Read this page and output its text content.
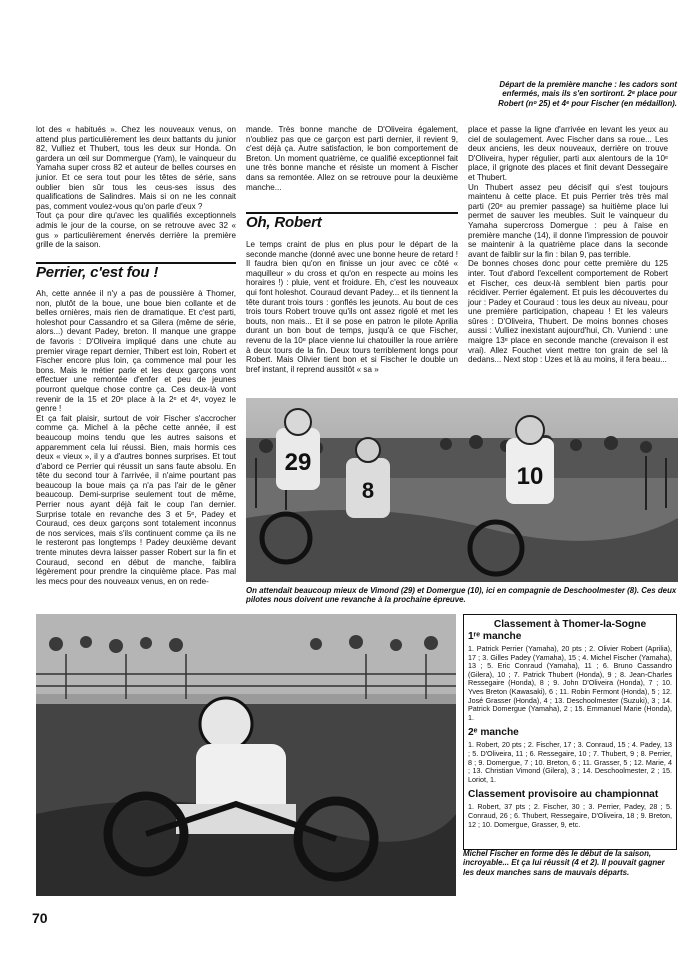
Départ de la première manche : les cadors sont enfermés, mais ils s'en sortiront. 2ᵉ place pour Robert (nᵒ 25) et 4ᵉ pour Fischer (en médaillon).

lot des « habitués ». Chez les nouveaux venus, on attend plus particulièrement les deux battants du junior 82, Vulliez et Thubert, tous les deux sur Honda. On gardera un œil sur Dommergue (Yam), le vainqueur du Yamaha super cross 82 et auteur de belles courses en junior. Et ce sera tout pour les têtes de série, sans oublier bien sûr tous les ceus-ses issus des qualifications de Salindres. Mais si on ne les connait pas, comment voulez-vous qu'on parle d'eux ?

Tout ça pour dire qu'avec les qualifiés exceptionnels admis le jour de la course, on se retrouve avec 32 « gus » particulièrement énervés derrière la première grille de la saison.

Perrier, c'est fou !

Ah, cette année il n'y a pas de poussière à Thomer, non, plutôt de la boue, une boue bien collante et de belles ornières, mais rien de dramatique. Et c'est parti, holeshot pour Cassandro et sa Gilera (même de série, alors...) devant Padey, breton. Il manque une grappe de favoris : D'Oliveira impliqué dans une chute au premier virage repart dernier, Thibert est loin, Robert et Fischer encore plus loin, ça commence mal pour les bons. Mais le métier parle et les deux garçons vont effectuer une remontée d'enfer et peu de jeunes pourront quelque chose contre ça. Ces deux-là vont revenir de la 15 et 20ᵉ place à la 2ᵉ et 4ᵉ, voyez le genre !

Et ça fait plaisir, surtout de voir Fischer s'accrocher comme ça. Michel à la pêche cette année, il est beaucoup moins tendu que les autres saisons et apparemment cela lui réussi. Bien, mais hormis ces deux « vieux », il y a d'autres bonnes surprises. Et tout d'abord ce Perrier qui réussit un sans faute absolu. En tête du second tour à l'arrivée, il n'aime pourtant pas beaucoup la boue mais ça n'a pas l'air de le gêner beaucoup. Demi-surprise seulement tout de même, Perrier nous ayant déjà fait le coup l'an dernier. Surprise totale en revanche des 3 et 5ᵉ, Padey et Couraud, ces deux garçons sont totalement inconnus de nos services, mais s'ils continuent comme ça ils ne le resteront pas longtemps ! Padey deuxième devant trente minutes devra laisser passer Robert sur la fin et Couraud, second en début de manche, faiblira légèrement pour prendre la cinquième place. Pas mal les mecs pour des nouveaux venus, en on rede-

mande. Très bonne manche de D'Oliveira également, n'oubliez pas que ce garçon est parti dernier, il revient 9, c'est déjà ça. Autre satisfaction, le bon comportement de Breton. Un moment quatrième, ce qualifié exceptionnel fait une très bonne manche et résiste un moment à Fischer dans sa remontée. Allez on se retrouve pour la deuxième manche...

Oh, Robert

Le temps craint de plus en plus pour le départ de la seconde manche (donné avec une bonne heure de retard ! Il faudra bien qu'on en finisse un jour avec ce côté « maquilleur » du cross et qu'on en respecte au moins les horaires !) : pluie, vent et froidure. Eh, c'est les nouveaux qui font holeshot. Couraud devant Padey... et ils tiennent la tête durant trois tours : gonflés les jeunots. Au bout de ces trois tours Robert trouve qu'ils ont assez rigolé et met les bouts, non mais... Et il se pose en patron le pilote Aprilia durant un bon bout de temps, jusqu'à ce que Fischer, revenu de la 10ᵉ place vienne lui chatouiller la roue arrière à deux tours de la fin. Deux tours terriblement longs pour Robert. Mais Olivier tient bon et si Fischer le double un bref instant, il reprend aussitôt « sa »

place et passe la ligne d'arrivée en levant les yeux au ciel de soulagement. Avec Fischer dans sa roue... Les deux anciens, les deux nouveaux, derrière on trouve D'Oliveira, hyper régulier, parti aux alentours de la 10ᵉ place, il grignote des places et finit devant Dessegaire et Thubert.

Un Thubert assez peu décisif qui s'est toujours maintenu à cette place. Et puis Perrier très très mal parti (20ᵉ au premier passage) sa huitième place lui permet de sauver les meubles. Suit le vainqueur du Yamaha supercross Domergue : peu à l'aise en première manche (14), il donne l'impression de pouvoir se maintenir à la quatrième place dans la seconde avant de faiblir sur la fin : bilan 9, pas terrible.

De bonnes choses donc pour cette première du 125 inter. Tout d'abord l'excellent comportement de Robert et Fischer, ces deux-là semblent bien partis pour récidiver. Perrier également. Et puis les découvertes du jour : Padey et Couraud : tous les deux au niveau, pour une première participation, chapeau ! Et les valeurs sûres : D'Oliveira, Thubert. De moins bonnes choses aussi : Vulliez inexistant aujourd'hui, Ch. Vuniend : une maigre 13ᵉ place en seconde manche (crevaison il est vrai). Allez Fouchet vient mettre ton grain de sel là dedans... Next stop : Uzes et là au moins, il fera beau...

29
8
10
On attendait beaucoup mieux de Vimond (29) et Domergue (10), ici en compagnie de Deschoolmester (8). Ces deux pilotes nous doivent une revanche à la prochaine épreuve.
Classement à Thomer-la-Sogne
1ʳᵉ manche
1. Patrick Perrier (Yamaha), 20 pts ; 2. Olivier Robert (Aprilia), 17 ; 3. Gilles Padey (Yamaha), 15 ; 4. Michel Fischer (Yamaha), 13 ; 5. Eric Conraud (Yamaha), 11 ; 6. Bruno Cassandro (Gilera), 10 ; 7. Patrick Thubert (Honda), 9 ; 8. Jean-Charles Ressegaire (Honda), 8 ; 9. John D'Oliveira (Honda), 7 ; 10. Yves Breton (Kawasaki), 6 ; 11. Robin Fermont (Honda), 5 ; 12. José Grasser (Honda), 4 ; 13. Deschoolmester (Suzuki), 3 ; 14. Patrick Domergue (Yamaha), 2 ; 15. Emmanuel Marie (Honda), 1.
2ᵉ manche
1. Robert, 20 pts ; 2. Fischer, 17 ; 3. Conraud, 15 ; 4. Padey, 13 ; 5. D'Oliveira, 11 ; 6. Ressegaire, 10 ; 7. Thubert, 9 ; 8. Perrier, 8 ; 9. Domergue, 7 ; 10. Breton, 6 ; 11. Grasser, 5 ; 12. Marie, 4 ; 13. Christian Vimond (Gilera), 3 ; 14. Deschoolmester, 2 ; 15. Loriot, 1.
Classement provisoire au championnat
1. Robert, 37 pts ; 2. Fischer, 30 ; 3. Perrier, Padey, 28 ; 5. Conraud, 26 ; 6. Thubert, Ressegaire, D'Oliveira, 18 ; 9. Breton, 12 ; 10. Domergue, Grasser, 9, etc.
Michel Fischer en forme dès le début de la saison, incroyable... Et ça lui réussit (4 et 2). Il pouvait gagner les deux manches sans de mauvais départs.
70
